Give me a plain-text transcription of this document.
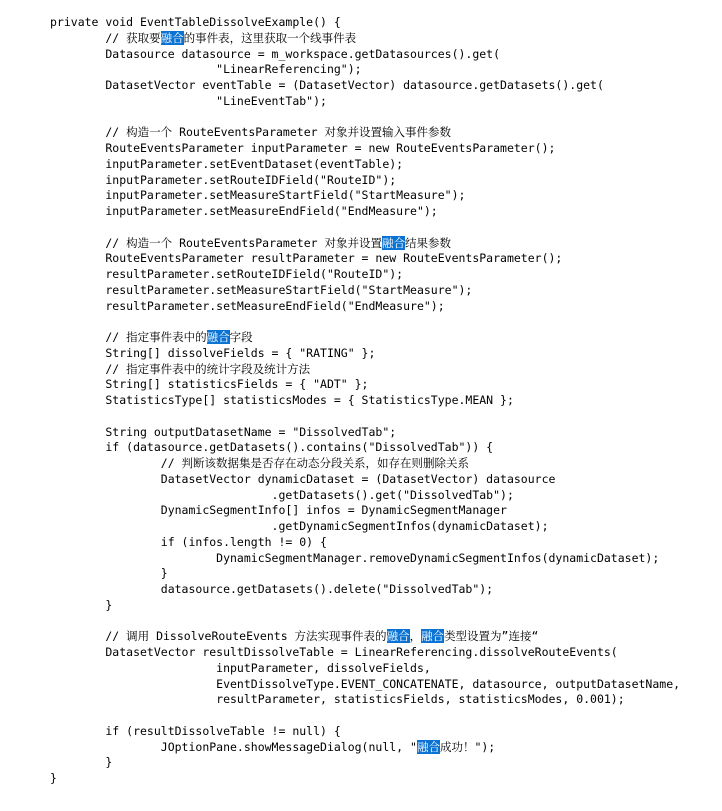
private void EventTableDissolveExample() {
// 获取要融合的事件表，这里获取一个线事件表
Datasource datasource = m_workspace.getDatasources().get(
"LinearReferencing");
DatasetVector eventTable = (DatasetVector) datasource.getDatasets().get(
"LineEventTab");
// 构造一个 RouteEventsParameter 对象并设置输入事件参数
RouteEventsParameter inputParameter = new RouteEventsParameter();
inputParameter.setEventDataset(eventTable);
inputParameter.setRouteIDField("RouteID");
inputParameter.setMeasureStartField("StartMeasure");
inputParameter.setMeasureEndField("EndMeasure");
// 构造一个 RouteEventsParameter 对象并设置融合结果参数
RouteEventsParameter resultParameter = new RouteEventsParameter();
resultParameter.setRouteIDField("RouteID");
resultParameter.setMeasureStartField("StartMeasure");
resultParameter.setMeasureEndField("EndMeasure");
// 指定事件表中的融合字段
String[] dissolveFields = { "RATING" };
// 指定事件表中的统计字段及统计方法
String[] statisticsFields = { "ADT" };
StatisticsType[] statisticsModes = { StatisticsType.MEAN };
String outputDatasetName = "DissolvedTab";
if (datasource.getDatasets().contains("DissolvedTab")) {
// 判断该数据集是否存在动态分段关系，如存在则删除关系
DatasetVector dynamicDataset = (DatasetVector) datasource
.getDatasets().get("DissolvedTab");
DynamicSegmentInfo[] infos = DynamicSegmentManager
.getDynamicSegmentInfos(dynamicDataset);
if (infos.length != 0) {
DynamicSegmentManager.removeDynamicSegmentInfos(dynamicDataset);
}
datasource.getDatasets().delete("DissolvedTab");
}
// 调用 DissolveRouteEvents 方法实现事件表的融合，融合类型设置为”连接“
DatasetVector resultDissolveTable = LinearReferencing.dissolveRouteEvents(
inputParameter, dissolveFields,
EventDissolveType.EVENT_CONCATENATE, datasource, outputDatasetName,
resultParameter, statisticsFields, statisticsModes, 0.001);
if (resultDissolveTable != null) {
JOptionPane.showMessageDialog(null, "融合成功！");
}
}
